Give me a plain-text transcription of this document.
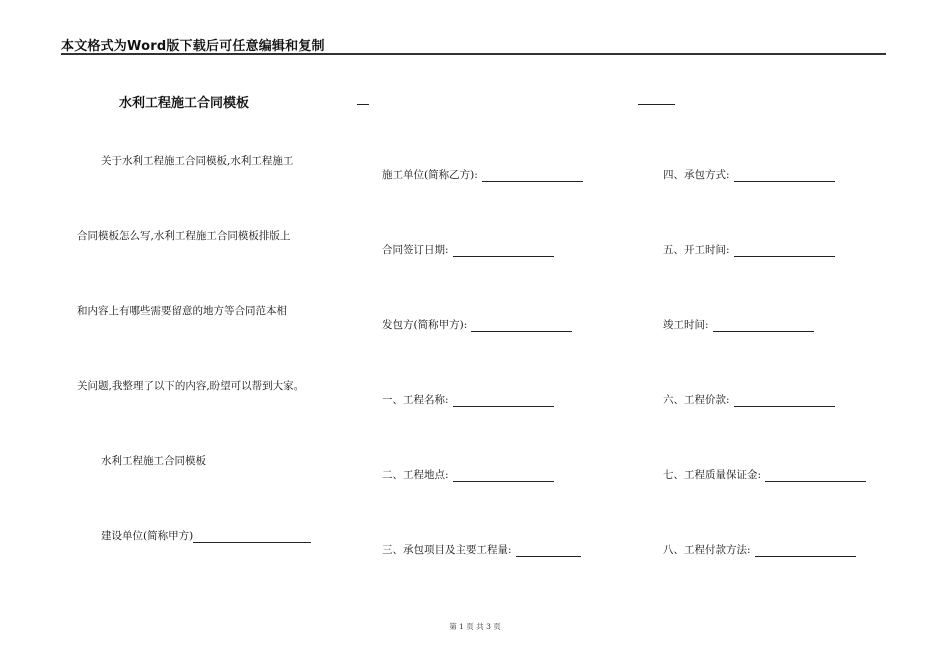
本文格式为Word版下载后可任意编辑和复制
水利工程施工合同模板
关于水利工程施工合同模板,水利工程施工
合同模板怎么写,水利工程施工合同模板排版上
和内容上有哪些需要留意的地方等合同范本相
关问题,我整理了以下的内容,盼望可以帮到大家。
水利工程施工合同模板
建设单位(简称甲方)
施工单位(简称乙方):
合同签订日期:
发包方(简称甲方):
一、工程名称:
二、工程地点:
三、承包项目及主要工程量:
四、承包方式:
五、开工时间:
竣工时间:
六、工程价款:
七、工程质量保证金:
八、工程付款方法:
第 1 页 共 3 页
